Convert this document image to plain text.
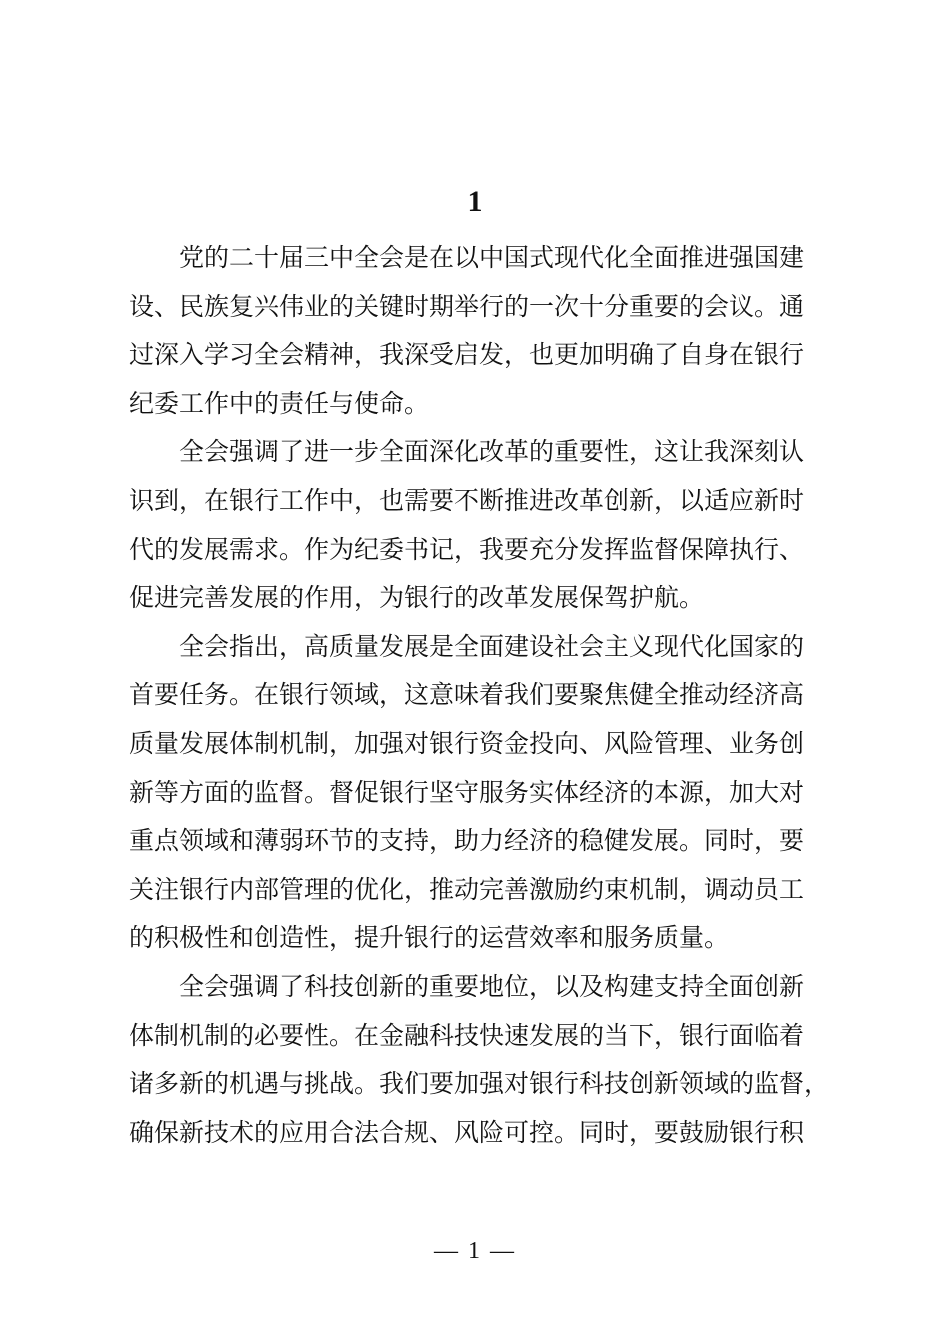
1

党的二十届三中全会是在以中国式现代化全面推进强国建
设、民族复兴伟业的关键时期举行的一次十分重要的会议。通
过深入学习全会精神，我深受启发，也更加明确了自身在银行
纪委工作中的责任与使命。

全会强调了进一步全面深化改革的重要性，这让我深刻认
识到，在银行工作中，也需要不断推进改革创新，以适应新时
代的发展需求。作为纪委书记，我要充分发挥监督保障执行、
促进完善发展的作用，为银行的改革发展保驾护航。

全会指出，高质量发展是全面建设社会主义现代化国家的
首要任务。在银行领域，这意味着我们要聚焦健全推动经济高
质量发展体制机制，加强对银行资金投向、风险管理、业务创
新等方面的监督。督促银行坚守服务实体经济的本源，加大对
重点领域和薄弱环节的支持，助力经济的稳健发展。同时，要
关注银行内部管理的优化，推动完善激励约束机制，调动员工
的积极性和创造性，提升银行的运营效率和服务质量。

全会强调了科技创新的重要地位，以及构建支持全面创新
体制机制的必要性。在金融科技快速发展的当下，银行面临着
诸多新的机遇与挑战。我们要加强对银行科技创新领域的监督，
确保新技术的应用合法合规、风险可控。同时，要鼓励银行积

— 1 —
